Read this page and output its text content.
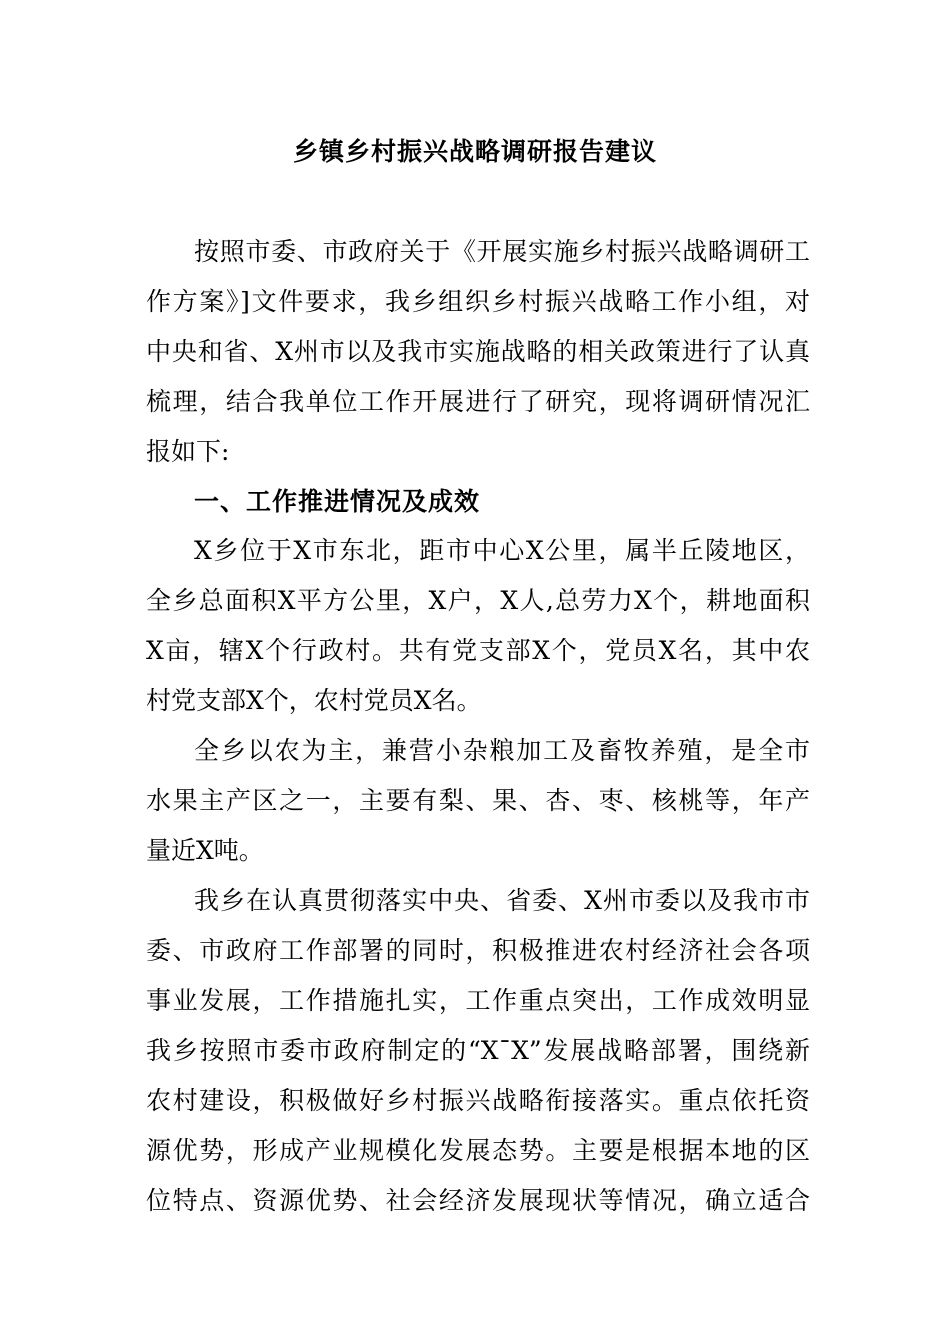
乡镇乡村振兴战略调研报告建议
按照市委、市政府关于《开展实施乡村振兴战略调研工
作方案》]文件要求，我乡组织乡村振兴战略工作小组，对
中央和省、X州市以及我市实施战略的相关政策进行了认真
梳理，结合我单位工作开展进行了研究，现将调研情况汇
报如下:
一、工作推进情况及成效
X乡位于X市东北，距市中心X公里，属半丘陵地区，
全乡总面积X平方公里，X户，X人,总劳力X个，耕地面积
X亩，辖X个行政村。共有党支部X个，党员X名，其中农
村党支部X个，农村党员X名。
全乡以农为主，兼营小杂粮加工及畜牧养殖，是全市
水果主产区之一，主要有梨、果、杏、枣、核桃等，年产
量近X吨。
我乡在认真贯彻落实中央、省委、X州市委以及我市市
委、市政府工作部署的同时，积极推进农村经济社会各项
事业发展，工作措施扎实，工作重点突出，工作成效明显
我乡按照市委市政府制定的“X¯X”发展战略部署，围绕新
农村建设，积极做好乡村振兴战略衔接落实。重点依托资
源优势，形成产业规模化发展态势。主要是根据本地的区
位特点、资源优势、社会经济发展现状等情况，确立适合
